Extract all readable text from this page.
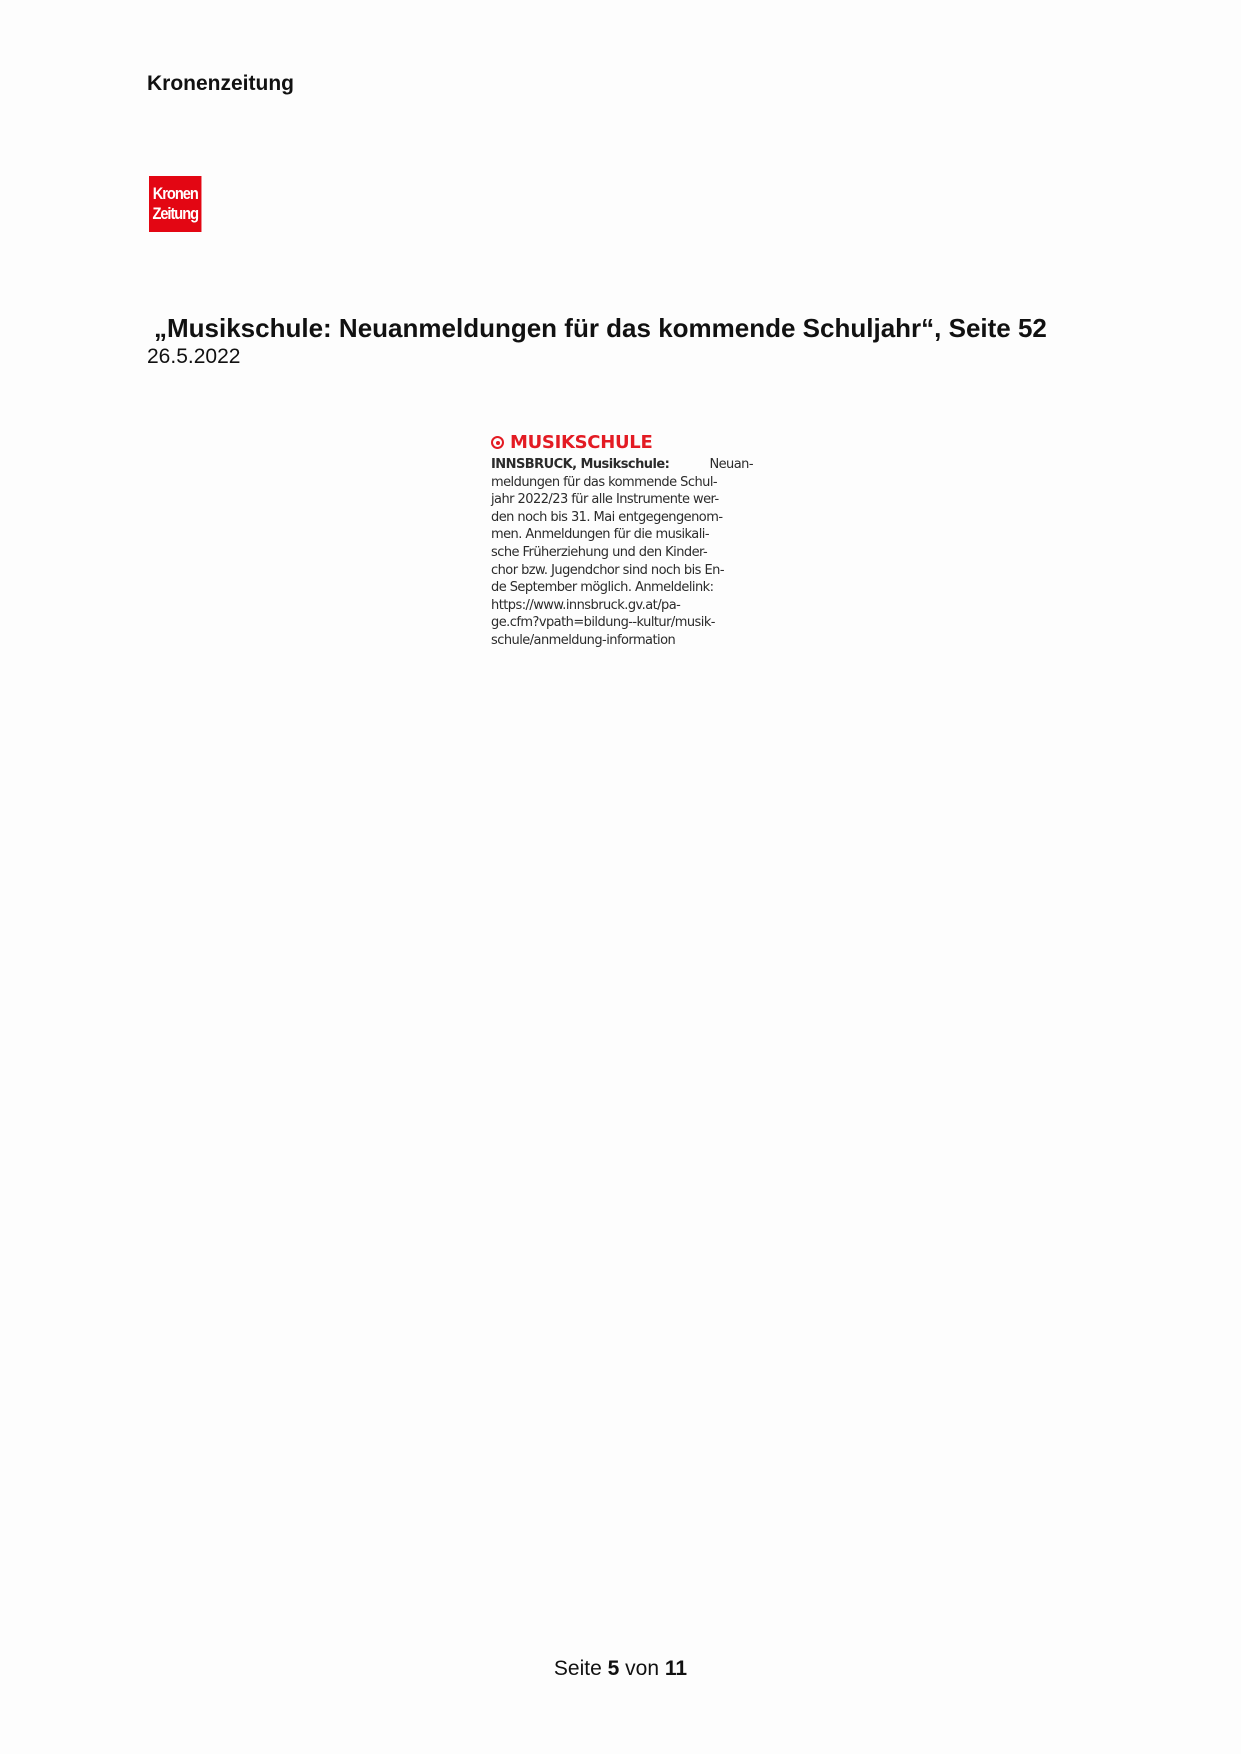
Kronenzeitung
Kronen
Zeitung
„Musikschule: Neuanmeldungen für das kommende Schuljahr“, Seite 52
26.5.2022
MUSIKSCHULE
INNSBRUCK, Musikschule:	Neuan-
meldungen für das kommende Schul-
jahr 2022/23 für alle Instrumente wer-
den noch bis 31. Mai entgegengenom-
men. Anmeldungen für die musikali-
sche Früherziehung und den Kinder-
chor bzw. Jugendchor sind noch bis En-
de September möglich. Anmeldelink:
https://www.innsbruck.gv.at/pa-
ge.cfm?vpath=bildung--kultur/musik-
schule/anmeldung-information
Seite 5 von 11
